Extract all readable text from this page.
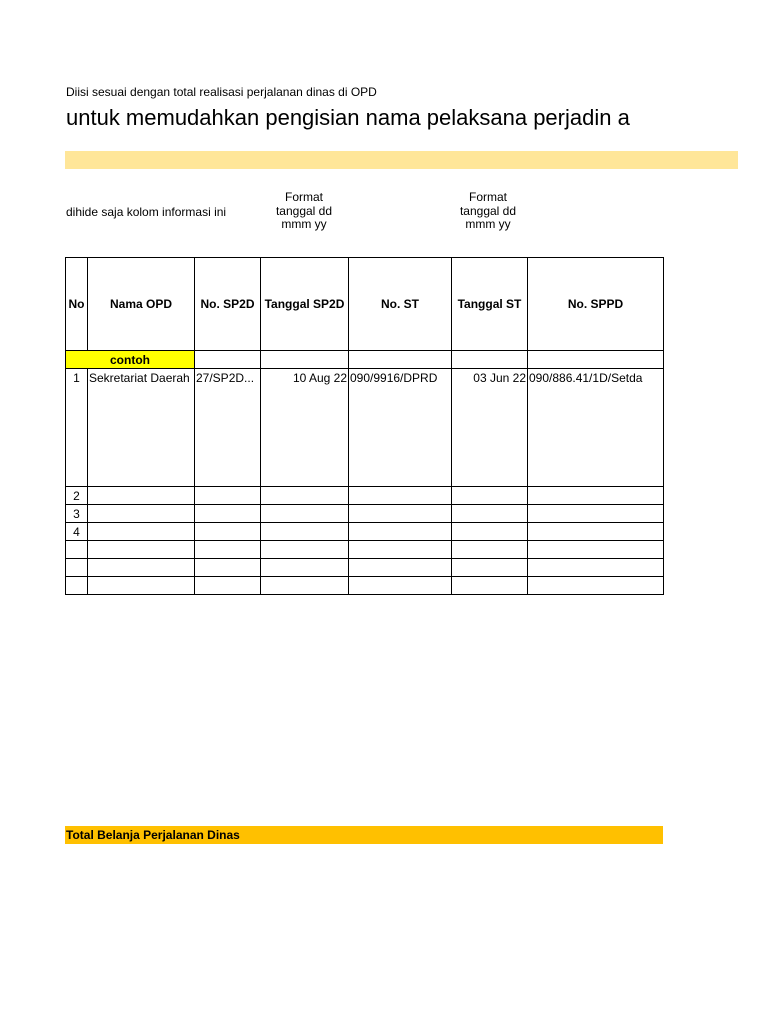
Diisi sesuai dengan total realisasi perjalanan dinas di OPD
untuk memudahkan pengisian nama pelaksana perjadin a
dihide saja kolom informasi ini
Format
tanggal dd
mmm yy
Format
tanggal dd
mmm yy
No	Nama OPD	No. SP2D	Tanggal SP2D	No. ST	Tanggal ST	No. SPPD
contoh						
1	Sekretariat Daerah	27/SP2D...	10 Aug 22	090/9916/DPRD	03 Jun 22	090/886.41/1D/Setda
2						
3						
4						

Total Belanja Perjalanan Dinas
